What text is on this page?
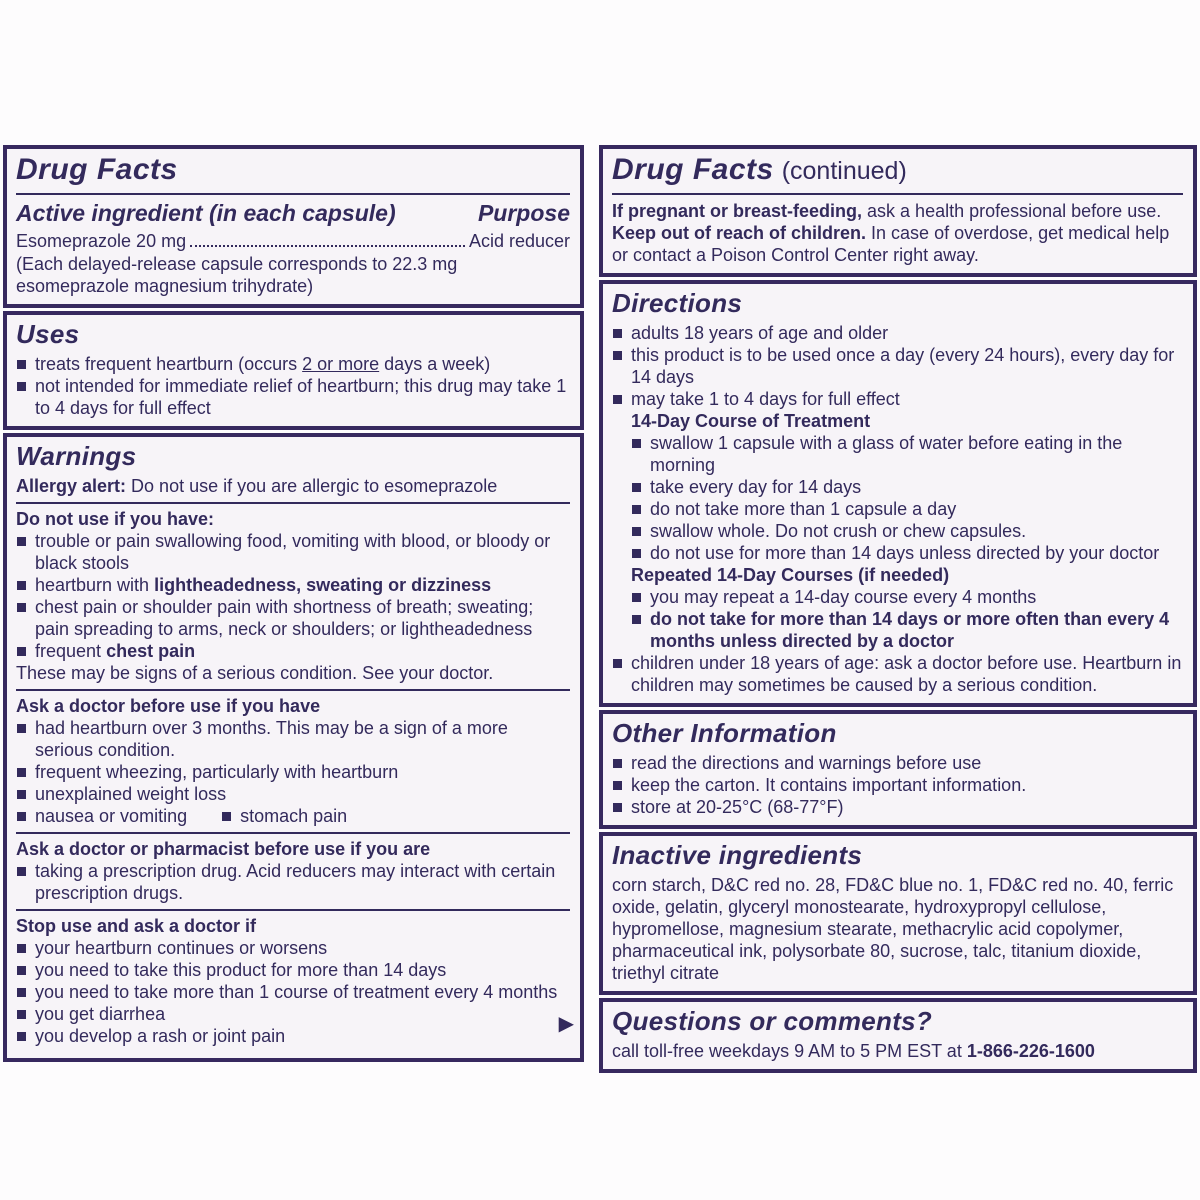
Drug Facts
Active ingredient (in each capsule)	Purpose
Esomeprazole 20 mg	Acid reducer

(Each delayed-release capsule corresponds to 22.3 mg esomeprazole magnesium trihydrate)

Uses
treats frequent heartburn (occurs 2 or more days a week)
not intended for immediate relief of heartburn; this drug may take 1 to 4 days for full effect
Warnings

Allergy alert: Do not use if you are allergic to esomeprazole

Do not use if you have:

trouble or pain swallowing food, vomiting with blood, or bloody or black stools
heartburn with lightheadedness, sweating or dizziness
chest pain or shoulder pain with shortness of breath; sweating; pain spreading to arms, neck or shoulders; or lightheadedness
frequent chest pain

These may be signs of a serious condition. See your doctor.

Ask a doctor before use if you have

had heartburn over 3 months. This may be a sign of a more serious condition.
frequent wheezing, particularly with heartburn
unexplained weight loss
nausea or vomiting	stomach pain

Ask a doctor or pharmacist before use if you are

taking a prescription drug. Acid reducers may interact with certain prescription drugs.

Stop use and ask a doctor if

your heartburn continues or worsens
you need to take this product for more than 14 days
you need to take more than 1 course of treatment every 4 months
you get diarrhea
you develop a rash or joint pain
▶
Drug Facts (continued)

If pregnant or breast-feeding, ask a health professional before use. Keep out of reach of children. In case of overdose, get medical help or contact a Poison Control Center right away.

Directions
adults 18 years of age and older
this product is to be used once a day (every 24 hours), every day for 14 days
may take 1 to 4 days for full effect

14-Day Course of Treatment

swallow 1 capsule with a glass of water before eating in the morning
take every day for 14 days
do not take more than 1 capsule a day
swallow whole. Do not crush or chew capsules.
do not use for more than 14 days unless directed by your doctor

Repeated 14-Day Courses (if needed)

you may repeat a 14-day course every 4 months
do not take for more than 14 days or more often than every 4 months unless directed by a doctor
children under 18 years of age: ask a doctor before use. Heartburn in children may sometimes be caused by a serious condition.
Other Information
read the directions and warnings before use
keep the carton. It contains important information.
store at 20-25°C (68-77°F)
Inactive ingredients

corn starch, D&C red no. 28, FD&C blue no. 1, FD&C red no. 40, ferric oxide, gelatin, glyceryl monostearate, hydroxypropyl cellulose, hypromellose, magnesium stearate, methacrylic acid copolymer, pharmaceutical ink, polysorbate 80, sucrose, talc, titanium dioxide, triethyl citrate

Questions or comments?

call toll-free weekdays 9 AM to 5 PM EST at 1-866-226-1600
